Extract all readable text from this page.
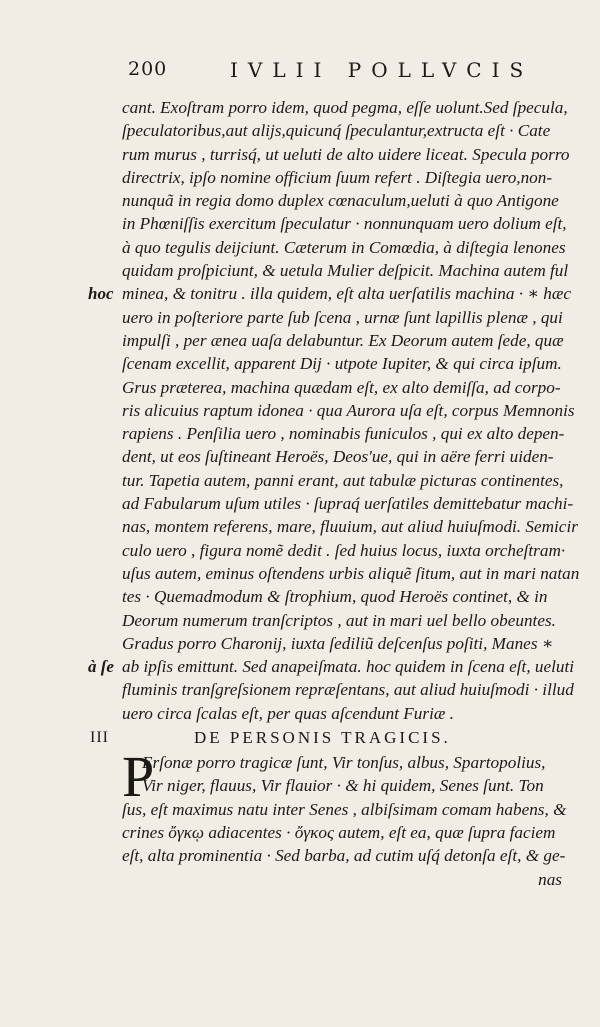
200	IVLII POLLVCIS
cant. Exoſtram porro idem, quod pegma, eſſe uolunt.Sed ſpecula,
ſpeculatoribus,aut alijs,quicunq́ ſpeculantur,extructa eſt · Cate
rum murus , turrisq́, ut ueluti de alto uidere liceat. Specula porro
directrix, ipſo nomine officium ſuum refert . Diſtegia uero,non-
nunquã in regia domo duplex cœnaculum,ueluti à quo Antigone
in Phœniſſis exercitum ſpeculatur · nonnunquam uero dolium eſt,
à quo tegulis deijciunt. Cæterum in Comœdia, à diſtegia lenones
quidam proſpiciunt, & uetula Mulier deſpicit. Machina autem ful
minea, & tonitru . illa quidem, eſt alta uerſatilis machina · ∗ hæc
hoc
uero in poſteriore parte ſub ſcena , urnæ ſunt lapillis plenæ , qui
impulſi , per ænea uaſa delabuntur. Ex Deorum autem ſede, quæ
ſcenam excellit, apparent Dij · utpote Iupiter, & qui circa ipſum.
Grus præterea, machina quædam eſt, ex alto demiſſa, ad corpo-
ris alicuius raptum idonea · qua Aurora uſa eſt, corpus Memnonis
rapiens . Penſilia uero , nominabis funiculos , qui ex alto depen-
dent, ut eos ſuſtineant Heroës, Deos'ue, qui in aëre ferri uiden-
tur. Tapetia autem, panni erant, aut tabulæ picturas continentes,
ad Fabularum uſum utiles · ſupraq́ uerſatiles demittebatur machi-
nas, montem referens, mare, fluuium, aut aliud huiuſmodi. Semicir
culo uero , figura nomẽ dedit . ſed huius locus, iuxta orcheſtram·
uſus autem, eminus oſtendens urbis aliquẽ ſitum, aut in mari natan
tes · Quemadmodum & ſtrophium, quod Heroës continet, & in
Deorum numerum tranſcriptos , aut in mari uel bello obeuntes.
Gradus porro Charonij, iuxta ſediliũ deſcenſus poſiti, Manes ∗
ab ipſis emittunt. Sed anapeiſmata. hoc quidem in ſcena eſt, ueluti
à ſe
fluminis tranſgreſsionem repræſentans, aut aliud huiuſmodi · illud
uero circa ſcalas eſt, per quas aſcendunt Furiæ .
III	DE PERSONIS TRAGICIS.
P
Erſonæ porro tragicæ ſunt, Vir tonſus, albus, Spartopolius,
Vir niger, flauus, Vir flauior · & hi quidem, Senes ſunt. Ton
ſus, eſt maximus natu inter Senes , albiſsimam comam habens, &
crines ὄγκῳ adiacentes · ὄγκος autem, eſt ea, quæ ſupra faciem
eſt, alta prominentia · Sed barba, ad cutim uſq́ detonſa eſt, & ge-
nas
